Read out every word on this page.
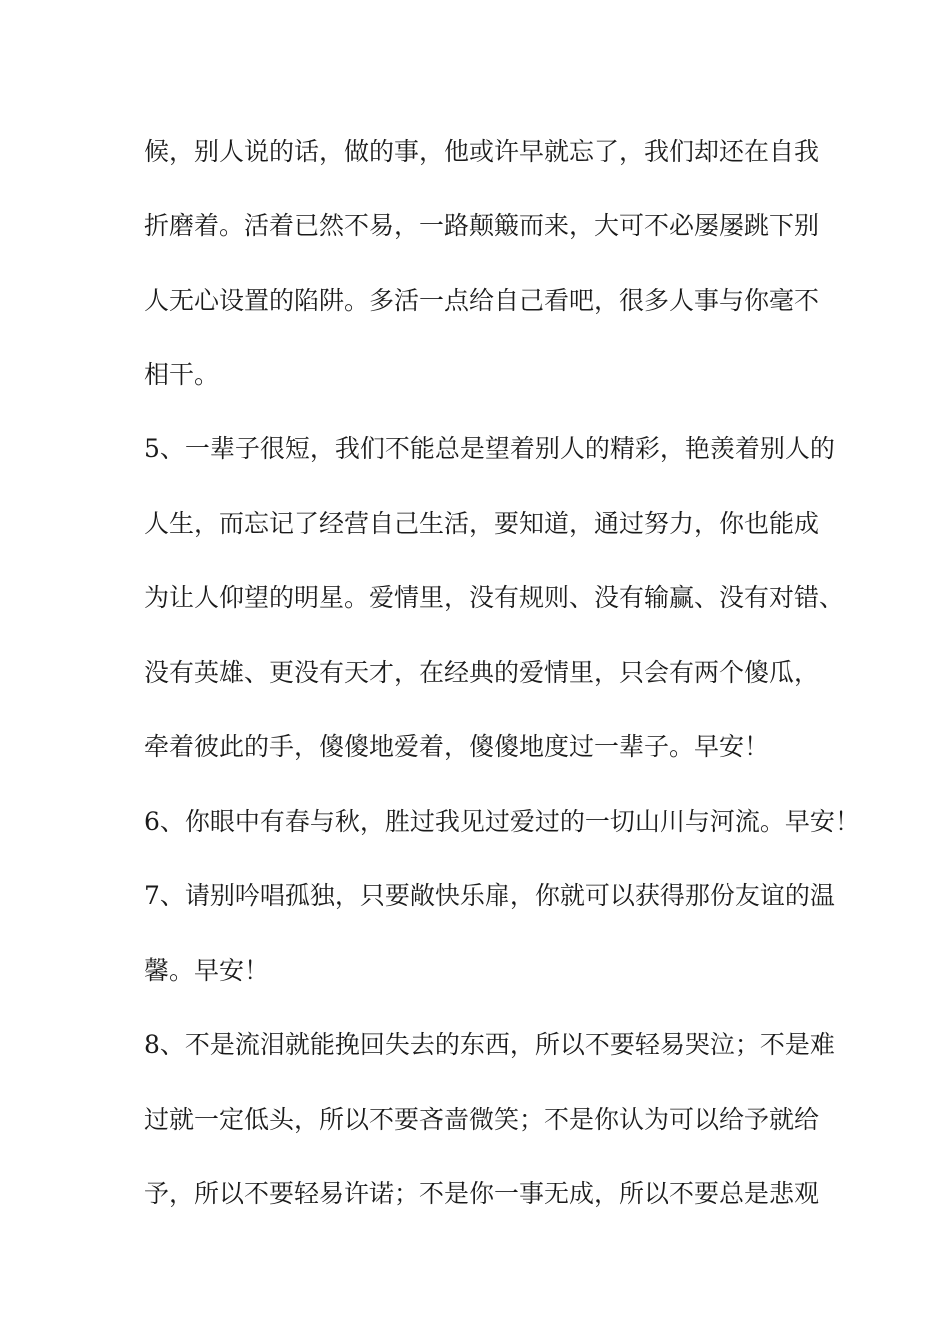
候，别人说的话，做的事，他或许早就忘了，我们却还在自我
折磨着。活着已然不易，一路颠簸而来，大可不必屡屡跳下别
人无心设置的陷阱。多活一点给自己看吧，很多人事与你毫不
相干。
5、一辈子很短，我们不能总是望着别人的精彩，艳羡着别人的
人生，而忘记了经营自己生活，要知道，通过努力，你也能成
为让人仰望的明星。爱情里，没有规则、没有输赢、没有对错、
没有英雄、更没有天才，在经典的爱情里，只会有两个傻瓜，
牵着彼此的手，傻傻地爱着，傻傻地度过一辈子。早安！
6、你眼中有春与秋，胜过我见过爱过的一切山川与河流。早安！
7、请别吟唱孤独，只要敞快乐扉，你就可以获得那份友谊的温
馨。早安！
8、不是流泪就能挽回失去的东西，所以不要轻易哭泣；不是难
过就一定低头，所以不要吝啬微笑；不是你认为可以给予就给
予，所以不要轻易许诺；不是你一事无成，所以不要总是悲观
